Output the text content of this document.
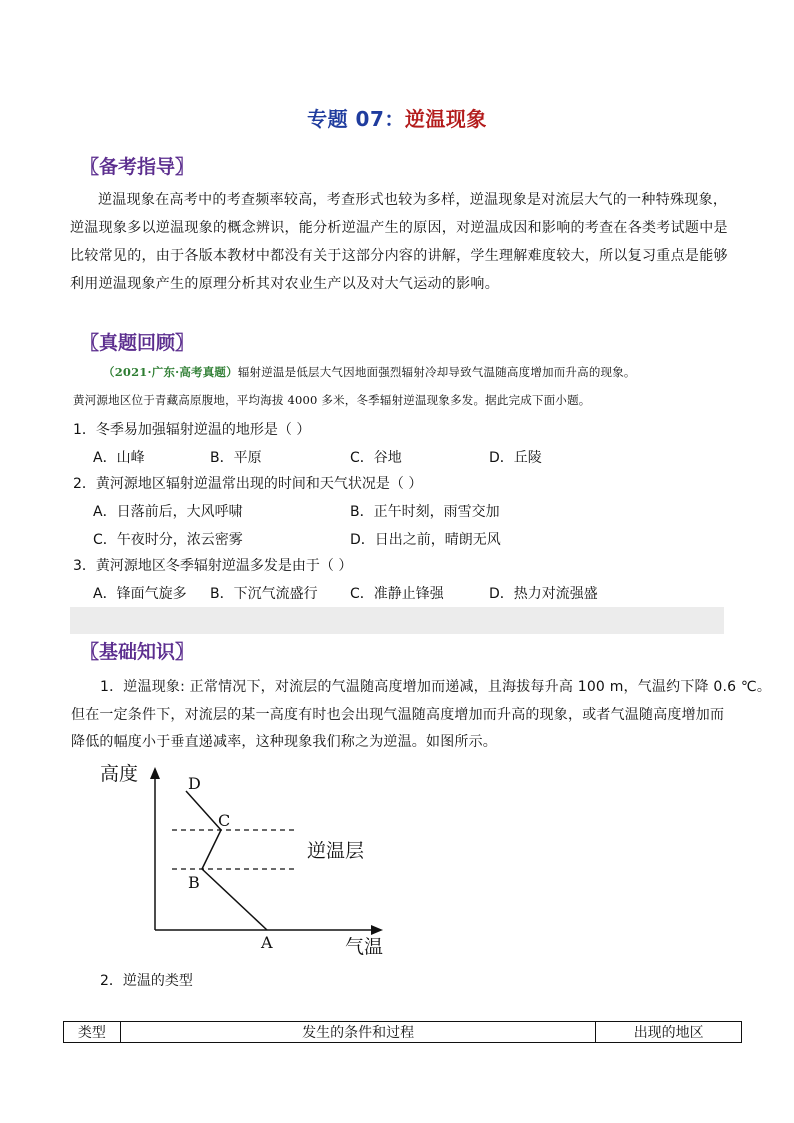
专题 07：逆温现象
〖备考指导〗
逆温现象在高考中的考查频率较高，考查形式也较为多样，逆温现象是对流层大气的一种特殊现象，逆温现象多以逆温现象的概念辨识，能分析逆温产生的原因，对逆温成因和影响的考查在各类考试题中是比较常见的，由于各版本教材中都没有关于这部分内容的讲解，学生理解难度较大，所以复习重点是能够利用逆温现象产生的原理分析其对农业生产以及对大气运动的影响。
〖真题回顾〗
（2021·广东·高考真题）辐射逆温是低层大气因地面强烈辐射冷却导致气温随高度增加而升高的现象。
黄河源地区位于青藏高原腹地，平均海拔 4000 多米，冬季辐射逆温现象多发。据此完成下面小题。
1．冬季易加强辐射逆温的地形是（ ）
A．山峰	B．平原	C．谷地	D．丘陵
2．黄河源地区辐射逆温常出现的时间和天气状况是（ ）
A．日落前后，大风呼啸	B．正午时刻，雨雪交加
C．午夜时分，浓云密雾	D．日出之前，晴朗无风
3．黄河源地区冬季辐射逆温多发是由于（ ）
A．锋面气旋多 B．下沉气流盛行 C．准静止锋强	D．热力对流强盛
〖基础知识〗
1．逆温现象: 正常情况下，对流层的气温随高度增加而递减，且海拔每升高 100 m，气温约下降 0.6 ℃。
但在一定条件下，对流层的某一高度有时也会出现气温随高度增加而升高的现象，或者气温随高度增加而
降低的幅度小于垂直递减率，这种现象我们称之为逆温。如图所示。
高度
气温
逆温层
A
B
C
D
2．逆温的类型
类型	发生的条件和过程	出现的地区
